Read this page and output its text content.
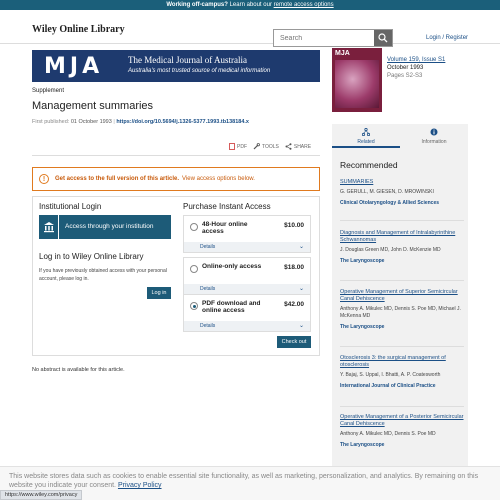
Working off-campus? Learn about our remote access options
Wiley Online Library
Search
Login / Register
MJA	The Medical Journal of Australia
Australia's most trusted source of medical information
MJA
Volume 159, Issue S1
October 1993
Pages S2-S3
Supplement
Management summaries
First published: 01 October 1993 | https://doi.org/10.5694/j.1326-5377.1993.tb138184.x
PDF	TOOLS	SHARE
!	Get access to the full version of this article. View access options below.
Institutional Login
Access through your institution
Log in to Wiley Online Library
If you have previously obtained access with your personal account, please log in.
Log in
Purchase Instant Access
48-Hour online access
$10.00
Details	⌄
Online-only access	$18.00
Details	⌄
PDF download and online access
$42.00
Details	⌄
Check out
No abstract is available for this article.
Related	Information
Recommended
SUMMARIES
G. GERULL, M. GIESEN, D. MROWINSKI
Clinical Otolaryngology & Allied Sciences
Diagnosis and Management of Intralabyrinthine Schwannomas
J. Douglas Green MD, John D. McKenzie MD
The Laryngoscope
Operative Management of Superior Semicircular Canal Dehiscence
Anthony A. Mikulec MD, Dennis S. Poe MD, Michael J. McKenna MD
The Laryngoscope
Otosclerosis 3: the surgical management of otosclerosis
Y. Bajaj, S. Uppal, I. Bhatti, A. P. Coatesworth
International Journal of Clinical Practice
Operative Management of a Posterior Semicircular Canal Dehiscence
Anthony A. Mikulec MD, Dennis S. Poe MD
The Laryngoscope
This website stores data such as cookies to enable essential site functionality, as well as marketing, personalization, and analytics. By remaining on this website you indicate your consent. Privacy Policy
https://www.wiley.com/privacy
